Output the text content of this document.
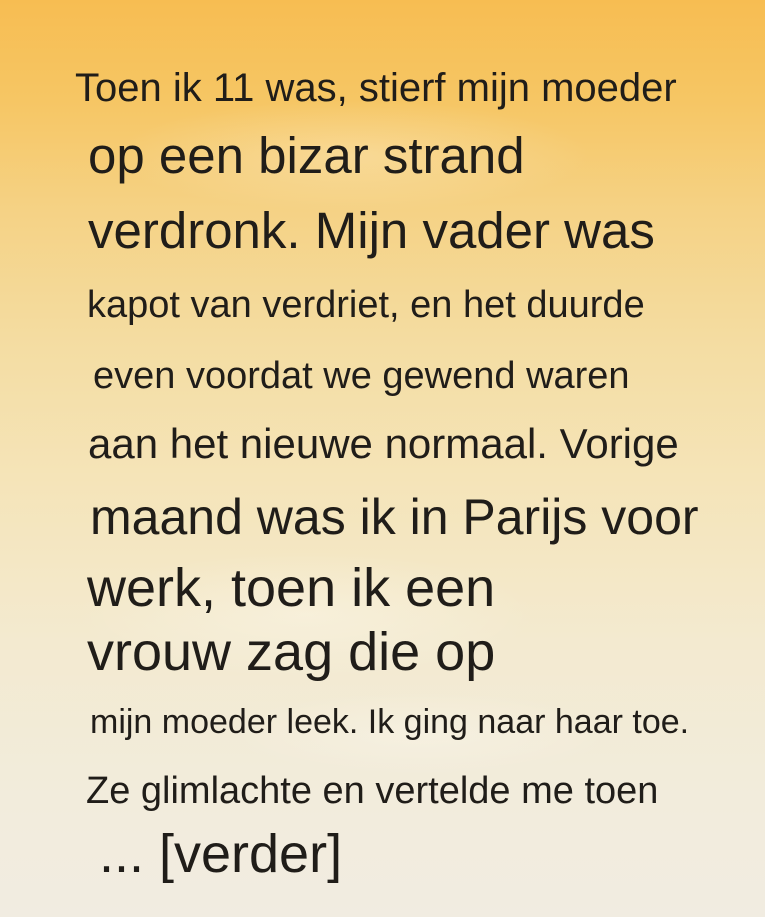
Toen ik 11 was, stierf mijn moeder
op een bizar strand
verdronk. Mijn vader was
kapot van verdriet, en het duurde
even voordat we gewend waren
aan het nieuwe normaal. Vorige
maand was ik in Parijs voor
werk, toen ik een
vrouw zag die op
mijn moeder leek. Ik ging naar haar toe.
Ze glimlachte en vertelde me toen
... [verder]
